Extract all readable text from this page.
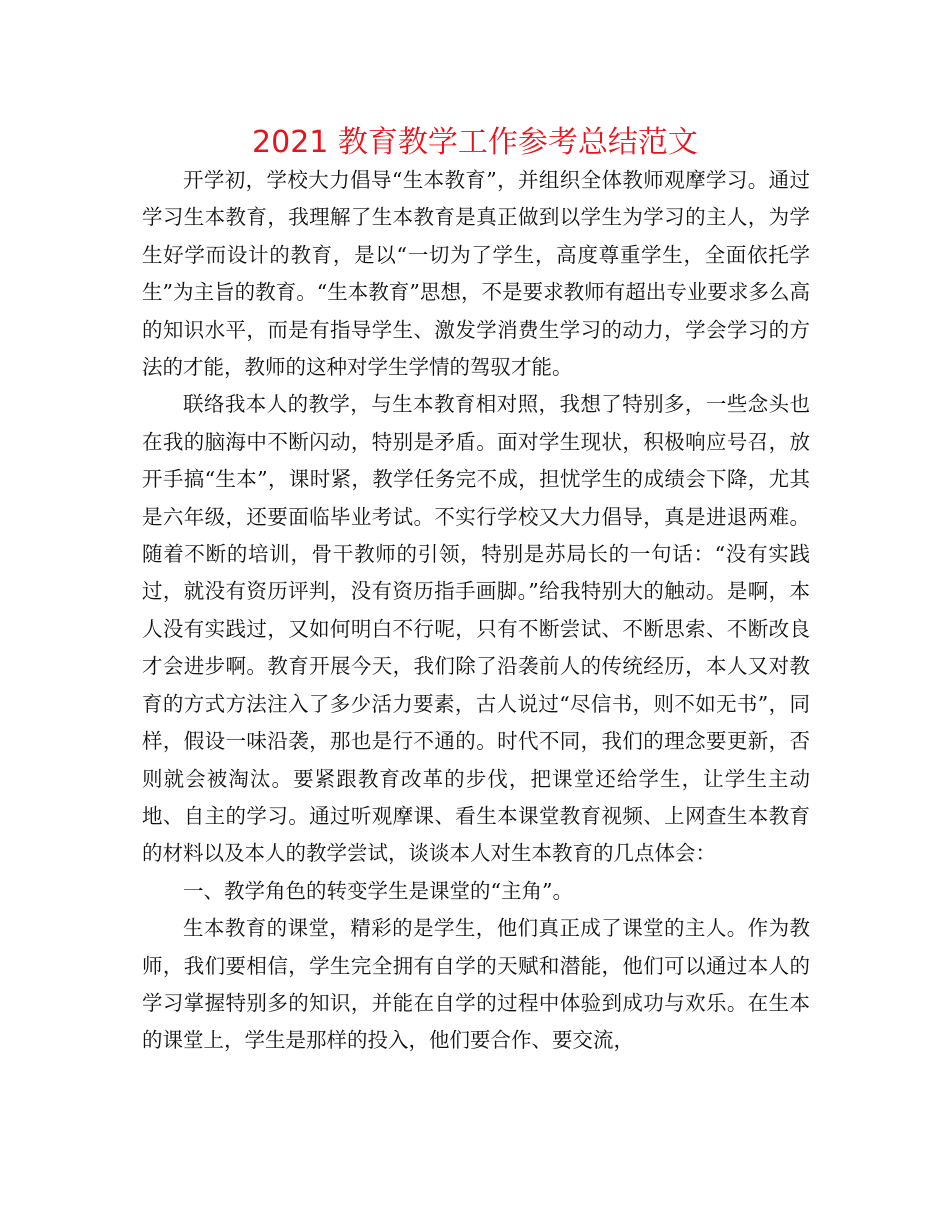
2021 教育教学工作参考总结范文

开学初，学校大力倡导“生本教育”，并组织全体教师观摩学习。通过学习生本教育，我理解了生本教育是真正做到以学生为学习的主人，为学生好学而设计的教育，是以“一切为了学生，高度尊重学生，全面依托学生”为主旨的教育。“生本教育”思想，不是要求教师有超出专业要求多么高的知识水平，而是有指导学生、激发学消费生学习的动力，学会学习的方法的才能，教师的这种对学生学情的驾驭才能。

联络我本人的教学，与生本教育相对照，我想了特别多，一些念头也在我的脑海中不断闪动，特别是矛盾。面对学生现状，积极响应号召，放开手搞“生本”，课时紧，教学任务完不成，担忧学生的成绩会下降，尤其是六年级，还要面临毕业考试。不实行学校又大力倡导，真是进退两难。随着不断的培训，骨干教师的引领，特别是苏局长的一句话：“没有实践过，就没有资历评判，没有资历指手画脚。”给我特别大的触动。是啊，本人没有实践过，又如何明白不行呢，只有不断尝试、不断思索、不断改良才会进步啊。教育开展今天，我们除了沿袭前人的传统经历，本人又对教育的方式方法注入了多少活力要素，古人说过“尽信书，则不如无书”，同样，假设一味沿袭，那也是行不通的。时代不同，我们的理念要更新，否则就会被淘汰。要紧跟教育改革的步伐，把课堂还给学生，让学生主动地、自主的学习。通过听观摩课、看生本课堂教育视频、上网查生本教育的材料以及本人的教学尝试，谈谈本人对生本教育的几点体会：

一、教学角色的转变学生是课堂的“主角”。

生本教育的课堂，精彩的是学生，他们真正成了课堂的主人。作为教师，我们要相信，学生完全拥有自学的天赋和潜能，他们可以通过本人的学习掌握特别多的知识，并能在自学的过程中体验到成功与欢乐。在生本的课堂上，学生是那样的投入，他们要合作、要交流，
